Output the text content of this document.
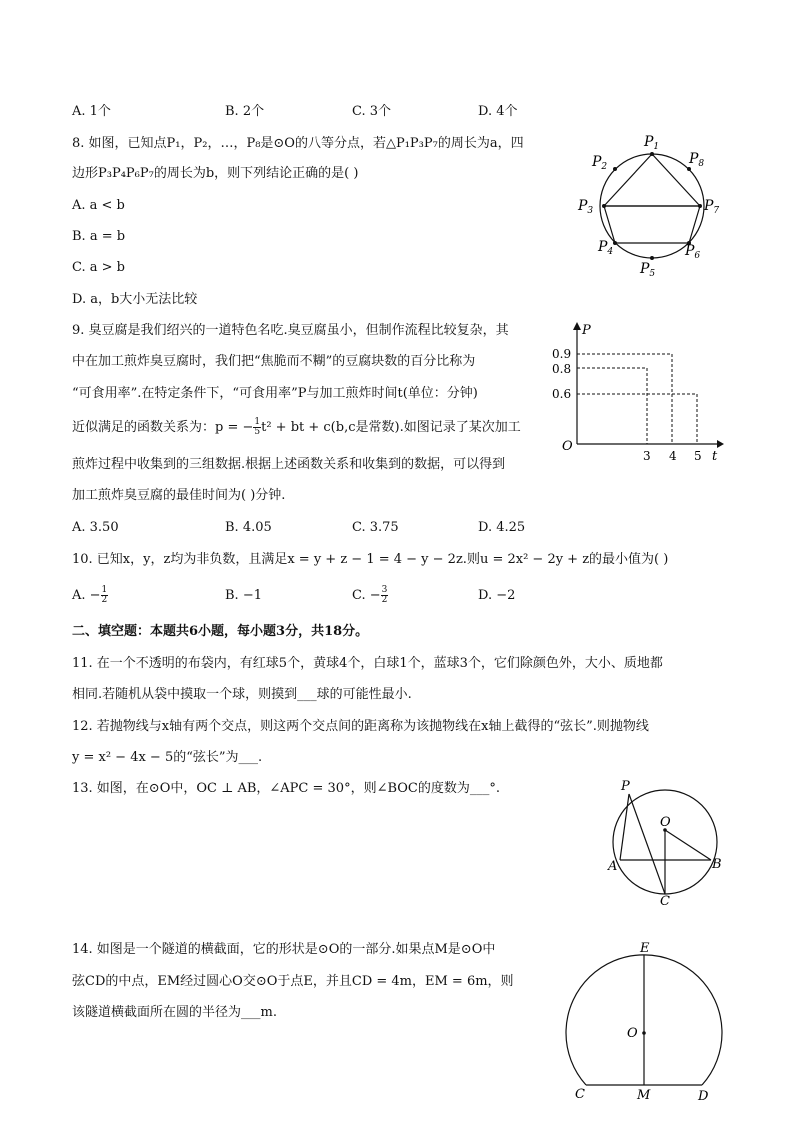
A. 1个	B. 2个	C. 3个	D. 4个
8. 如图，已知点P₁，P₂，…，P₈是⊙O的八等分点，若△P₁P₃P₇的周长为a，四
边形P₃P₄P₆P₇的周长为b，则下列结论正确的是( )
A. a < b
B. a = b
C. a > b
D. a，b大小无法比较
$P_1$
$P_2$
$P_3$
$P_4$
$P_5$
$P_6$
$P_7$
$P_8$
9. 臭豆腐是我们绍兴的一道特色名吃.臭豆腐虽小，但制作流程比较复杂，其
中在加工煎炸臭豆腐时，我们把“焦脆而不糊”的豆腐块数的百分比称为
“可食用率”.在特定条件下，“可食用率”P与加工煎炸时间t(单位：分钟)
近似满足的函数关系为：p = − $\frac{1}{5} t^2$ + bt + c(b,c是常数).如图记录了某次加工
煎炸过程中收集到的三组数据.根据上述函数关系和收集到的数据，可以得到
加工煎炸臭豆腐的最佳时间为( )分钟.
A. 3.50	B. 4.05	C. 3.75	D. 4.25
P
t
O
0.9
0.8
0.6
3 4 5
10. 已知x，y，z均为非负数，且满足x = y + z − 1 = 4 − y − 2z.则u = 2x² − 2y + z的最小值为( )
A. − $\frac{1}{2}$	B. −1	C. − $\frac{3}{2}$	D. −2
二、填空题：本题共6小题，每小题3分，共18分。
11. 在一个不透明的布袋内，有红球5个，黄球4个，白球1个，蓝球3个，它们除颜色外，大小、质地都
相同.若随机从袋中摸取一个球，则摸到___球的可能性最小.
12. 若抛物线与x轴有两个交点，则这两个交点间的距离称为该抛物线在x轴上截得的“弦长”.则抛物线
y = x² − 4x − 5的“弦长”为___.
13. 如图，在⊙O中，OC ⊥ AB，∠APC = 30°，则∠BOC的度数为___°.	P
O
A	B
C
14. 如图是一个隧道的横截面，它的形状是⊙O的一部分.如果点M是⊙O中
弦CD的中点，EM经过圆心O交⊙O于点E，并且CD = 4m，EM = 6m，则
该隧道横截面所在圆的半径为___m.
E
O
C	M	D
